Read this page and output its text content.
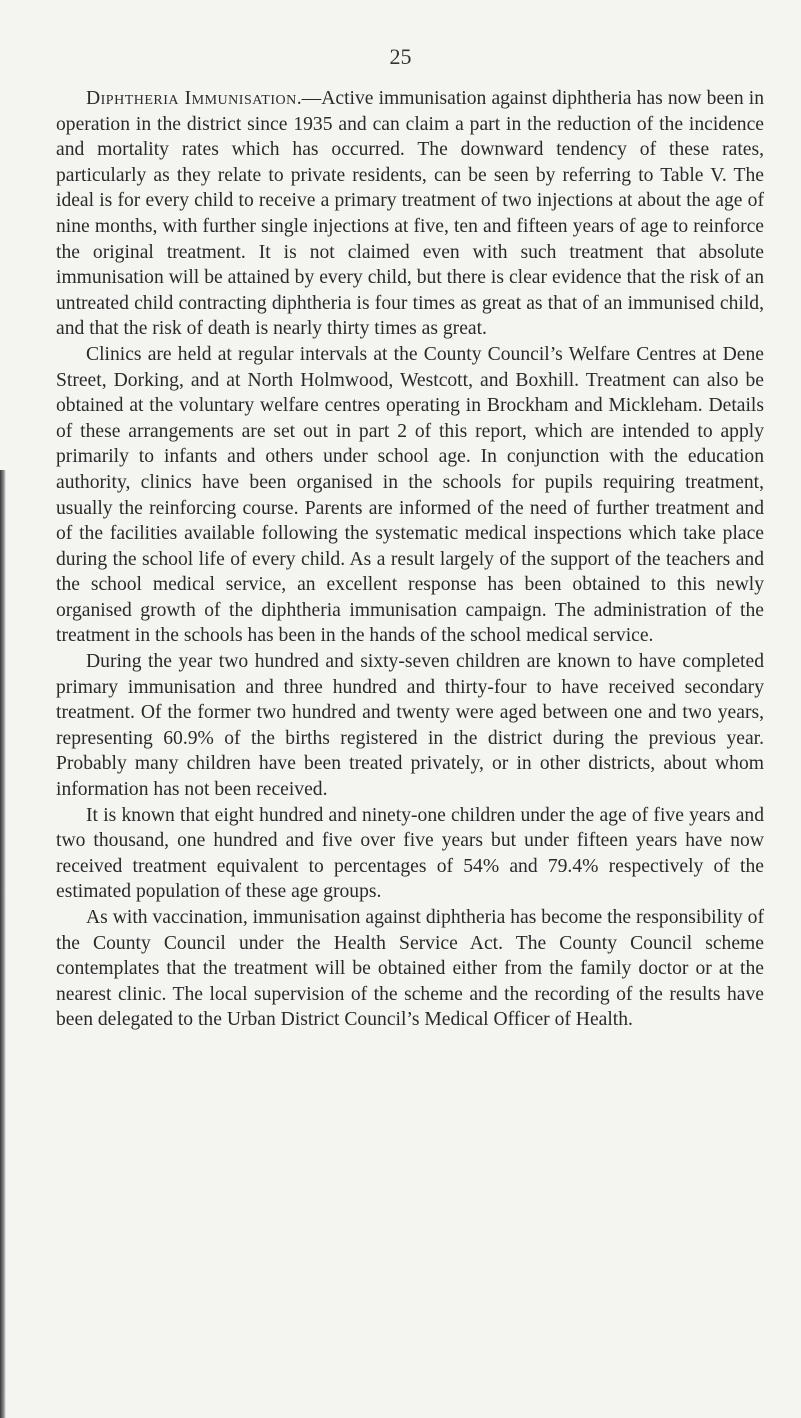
25

Diphtheria Immunisation.—Active immunisation against diphtheria has now been in operation in the district since 1935 and can claim a part in the reduction of the incidence and mortality rates which has occurred. The downward tendency of these rates, particularly as they relate to private residents, can be seen by referring to Table V. The ideal is for every child to receive a primary treatment of two injections at about the age of nine months, with further single injections at five, ten and fifteen years of age to reinforce the original treatment. It is not claimed even with such treatment that absolute immunisation will be attained by every child, but there is clear evidence that the risk of an untreated child contracting diphtheria is four times as great as that of an immunised child, and that the risk of death is nearly thirty times as great.

Clinics are held at regular intervals at the County Council’s Welfare Centres at Dene Street, Dorking, and at North Holmwood, Westcott, and Boxhill. Treatment can also be obtained at the voluntary welfare centres operating in Brockham and Mickleham. Details of these arrangements are set out in part 2 of this report, which are intended to apply primarily to infants and others under school age. In conjunction with the education authority, clinics have been organised in the schools for pupils requiring treatment, usually the reinforcing course. Parents are informed of the need of further treatment and of the facilities available following the systematic medical inspections which take place during the school life of every child. As a result largely of the support of the teachers and the school medical service, an excellent response has been obtained to this newly organised growth of the diphtheria immunisation campaign. The administration of the treatment in the schools has been in the hands of the school medical service.

During the year two hundred and sixty-seven children are known to have completed primary immunisation and three hundred and thirty-four to have received secondary treatment. Of the former two hundred and twenty were aged between one and two years, representing 60.9% of the births registered in the district during the previous year. Probably many children have been treated privately, or in other districts, about whom information has not been received.

It is known that eight hundred and ninety-one children under the age of five years and two thousand, one hundred and five over five years but under fifteen years have now received treatment equivalent to percentages of 54% and 79.4% respectively of the estimated population of these age groups.

As with vaccination, immunisation against diphtheria has become the responsibility of the County Council under the Health Service Act. The County Council scheme contemplates that the treatment will be obtained either from the family doctor or at the nearest clinic. The local supervision of the scheme and the recording of the results have been delegated to the Urban District Council’s Medical Officer of Health.
